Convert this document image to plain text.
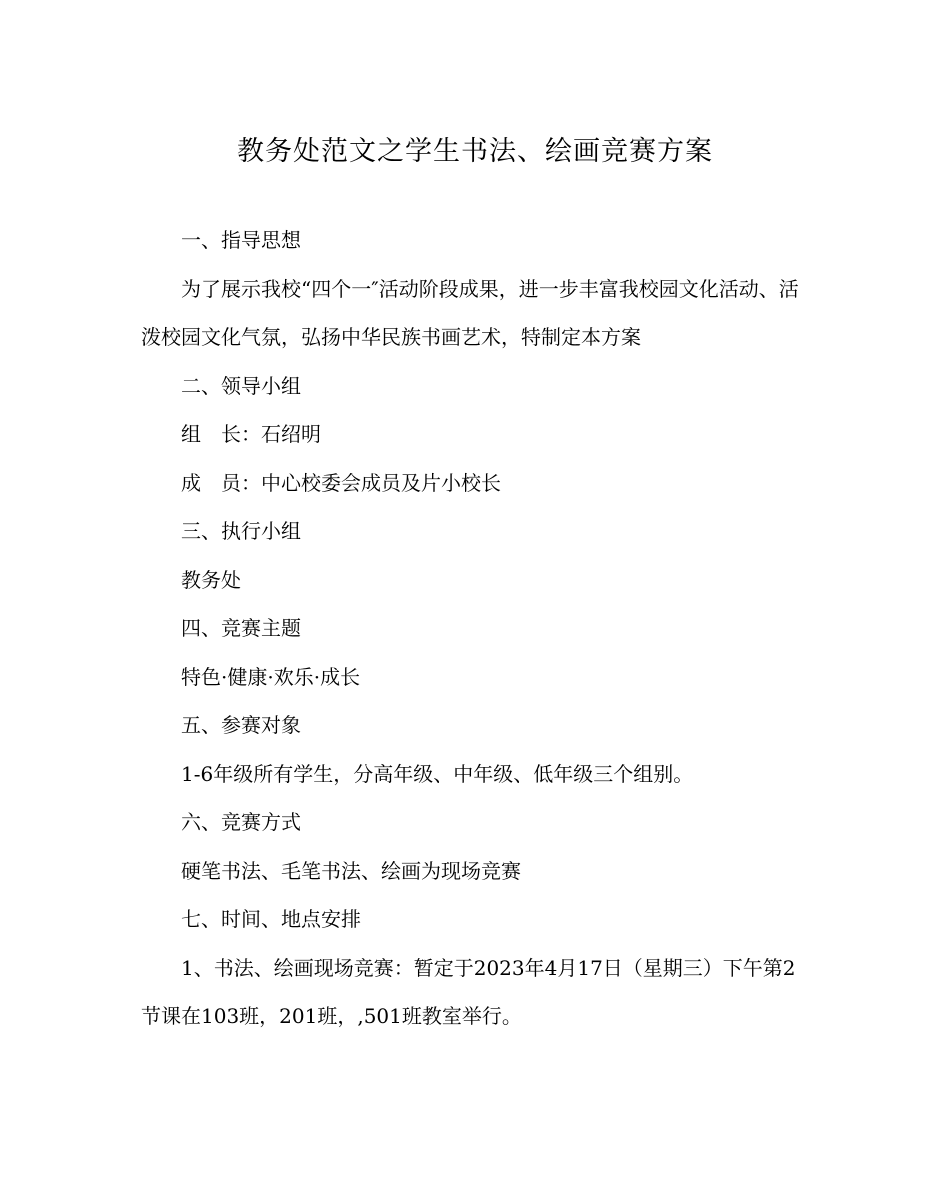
教务处范文之学生书法、绘画竞赛方案

一、指导思想

为了展示我校“四个一″活动阶段成果，进一步丰富我校园文化活动、活泼校园文化气氛，弘扬中华民族书画艺术，特制定本方案

二、领导小组

组　长：石绍明

成　员：中心校委会成员及片小校长

三、执行小组

教务处

四、竞赛主题

特色·健康·欢乐·成长

五、参赛对象

1-6年级所有学生，分高年级、中年级、低年级三个组别。

六、竞赛方式

硬笔书法、毛笔书法、绘画为现场竞赛

七、时间、地点安排

1、书法、绘画现场竞赛：暂定于2023年4月17日（星期三）下午第2节课在103班，201班，,501班教室举行。
